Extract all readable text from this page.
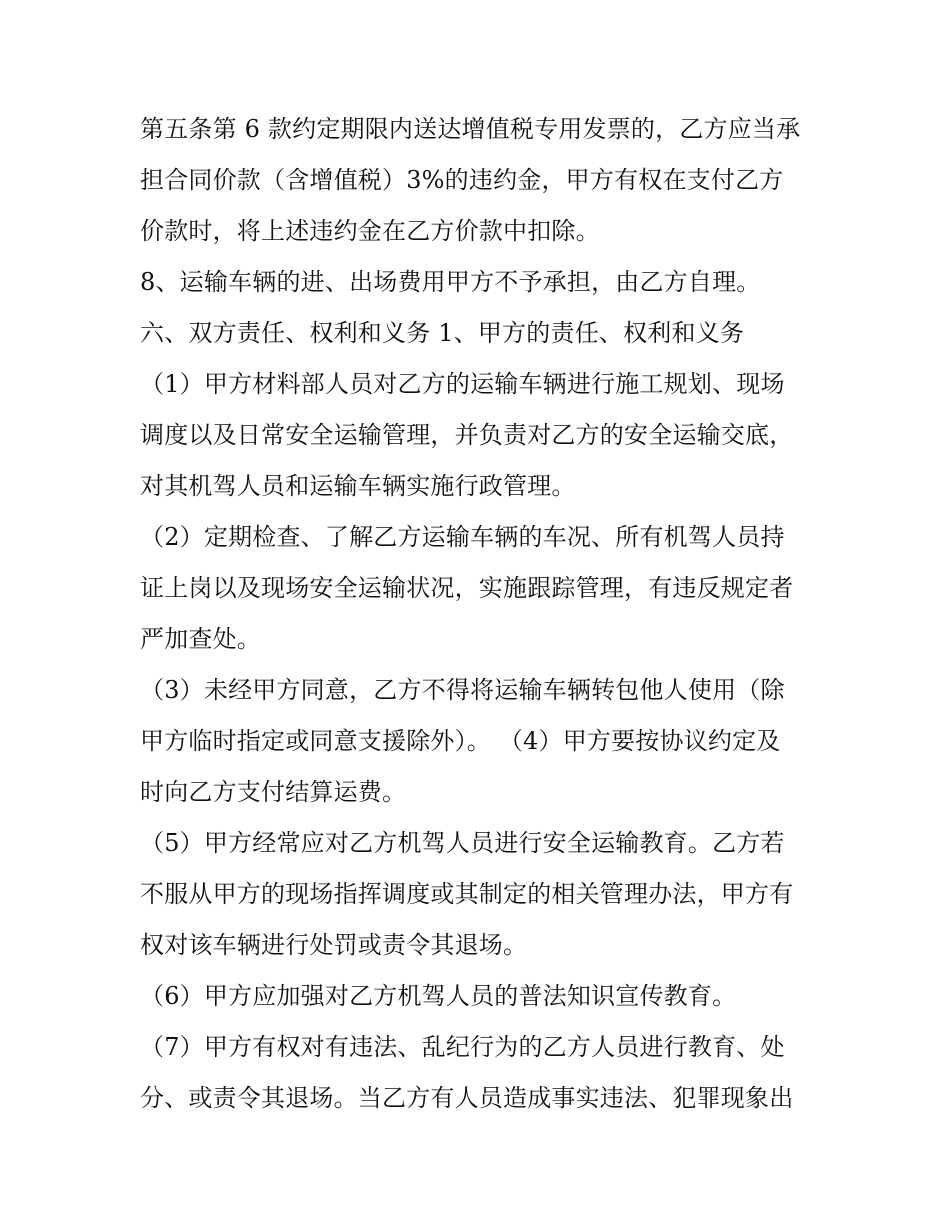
第五条第 6 款约定期限内送达增值税专用发票的，乙方应当承
担合同价款（含增值税）3%的违约金，甲方有权在支付乙方
价款时，将上述违约金在乙方价款中扣除。
8、运输车辆的进、出场费用甲方不予承担，由乙方自理。
六、双方责任、权利和义务 1、甲方的责任、权利和义务
（1）甲方材料部人员对乙方的运输车辆进行施工规划、现场
调度以及日常安全运输管理，并负责对乙方的安全运输交底，
对其机驾人员和运输车辆实施行政管理。
（2）定期检查、了解乙方运输车辆的车况、所有机驾人员持
证上岗以及现场安全运输状况，实施跟踪管理，有违反规定者
严加查处。
（3）未经甲方同意，乙方不得将运输车辆转包他人使用（除
甲方临时指定或同意支援除外）。 （4）甲方要按协议约定及
时向乙方支付结算运费。
（5）甲方经常应对乙方机驾人员进行安全运输教育。乙方若
不服从甲方的现场指挥调度或其制定的相关管理办法，甲方有
权对该车辆进行处罚或责令其退场。
（6）甲方应加强对乙方机驾人员的普法知识宣传教育。
（7）甲方有权对有违法、乱纪行为的乙方人员进行教育、处
分、或责令其退场。当乙方有人员造成事实违法、犯罪现象出
